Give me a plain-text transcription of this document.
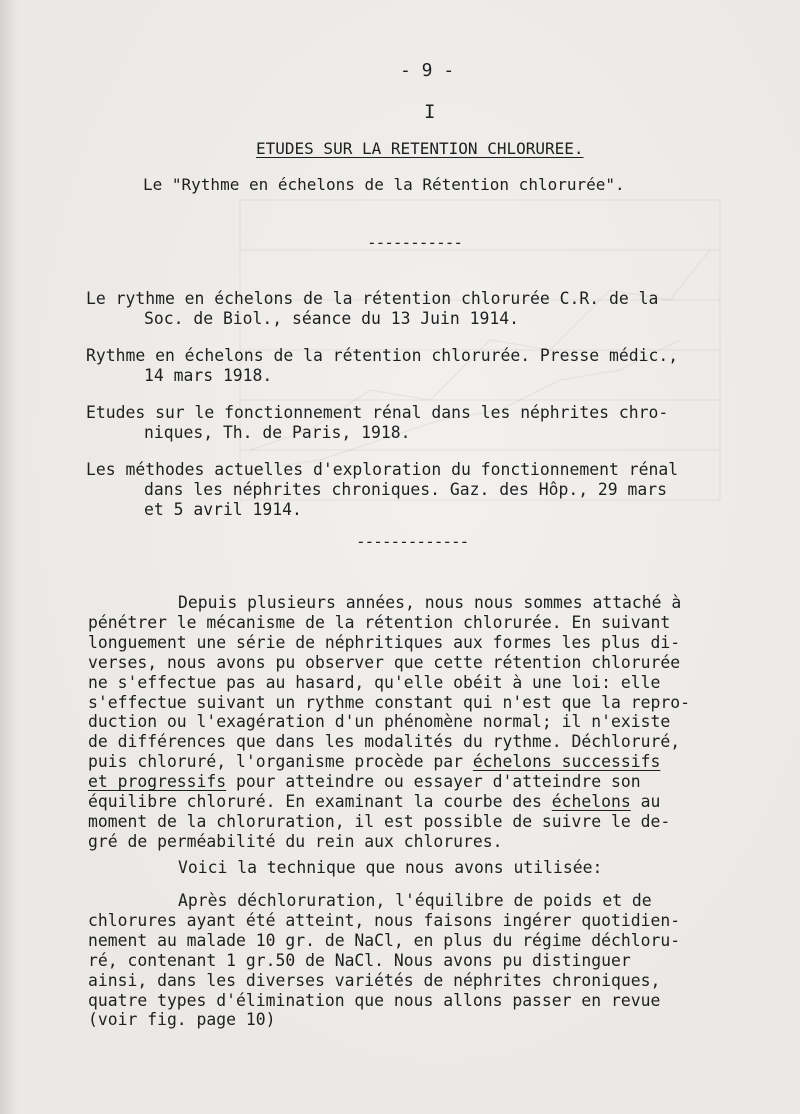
- 9 -
I
ETUDES SUR LA RETENTION CHLORUREE.
Le "Rythme en échelons de la Rétention chlorurée".
-----------
Le rythme en échelons de la rétention chlorurée C.R. de la
Soc. de Biol., séance du 13 Juin 1914.
Rythme en échelons de la rétention chlorurée. Presse médic.,
14 mars 1918.
Etudes sur le fonctionnement rénal dans les néphrites chro-
niques, Th. de Paris, 1918.
Les méthodes actuelles d'exploration du fonctionnement rénal
dans les néphrites chroniques. Gaz. des Hôp., 29 mars
et 5 avril 1914.
-------------
Depuis plusieurs années, nous nous sommes attaché à
pénétrer le mécanisme de la rétention chlorurée. En suivant
longuement une série de néphritiques aux formes les plus di-
verses, nous avons pu observer que cette rétention chlorurée
ne s'effectue pas au hasard, qu'elle obéit à une loi: elle
s'effectue suivant un rythme constant qui n'est que la repro-
duction ou l'exagération d'un phénomène normal; il n'existe
de différences que dans les modalités du rythme. Déchloruré,
puis chloruré, l'organisme procède par échelons successifs
et progressifs pour atteindre ou essayer d'atteindre son
équilibre chloruré. En examinant la courbe des échelons au
moment de la chloruration, il est possible de suivre le de-
gré de perméabilité du rein aux chlorures.
Voici la technique que nous avons utilisée:
Après déchloruration, l'équilibre de poids et de
chlorures ayant été atteint, nous faisons ingérer quotidien-
nement au malade 10 gr. de NaCl, en plus du régime déchloru-
ré, contenant 1 gr.50 de NaCl. Nous avons pu distinguer
ainsi, dans les diverses variétés de néphrites chroniques,
quatre types d'élimination que nous allons passer en revue
(voir fig. page 10)
